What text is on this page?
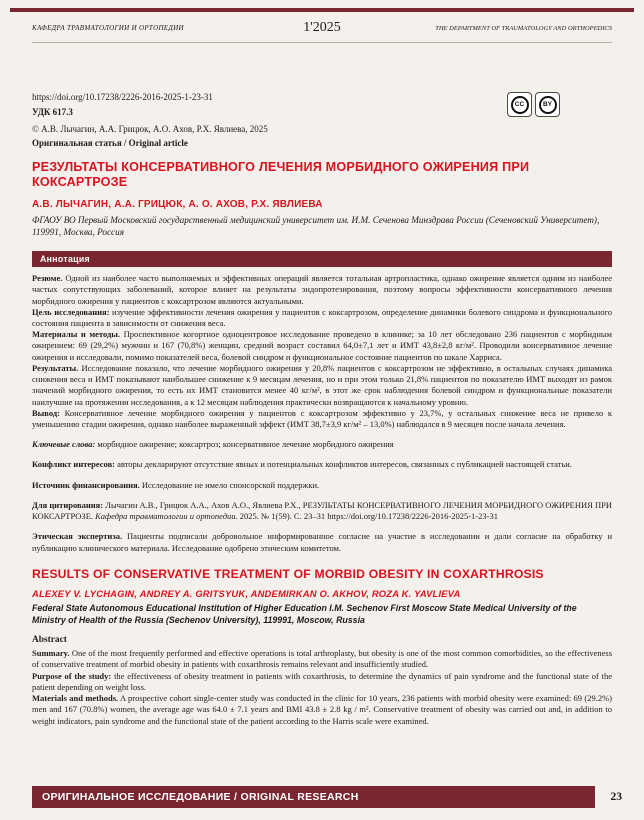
КАФЕДРА ТРАВМАТОЛОГИИ И ОРТОПЕДИИ	1'2025	THE DEPARTMENT OF TRAUMATOLOGY AND ORTHOPEDICS
https://doi.org/10.17238/2226-2016-2025-1-23-31
УДК 617.3
CC	BY
© А.В. Лычагин, А.А. Грицюк, А.О. Ахов, Р.Х. Явлиева, 2025
Оригинальная статья / Original article
РЕЗУЛЬТАТЫ КОНСЕРВАТИВНОГО ЛЕЧЕНИЯ МОРБИДНОГО ОЖИРЕНИЯ ПРИ КОКСАРТРОЗЕ
А.В. ЛЫЧАГИН, А.А. ГРИЦЮК, А. О. АХОВ, Р.Х. ЯВЛИЕВА
ФГАОУ ВО Первый Московский государственный медицинский университет им. И.М. Сеченова Минздрава России (Сеченовский Университет), 119991, Москва, Россия
Аннотация

Резюме. Одной из наиболее часто выполняемых и эффективных операций является тотальная артропластика, однако ожирение является одним из наиболее частых сопутствующих заболеваний, которое влияет на результаты эндопротезирования, поэтому вопросы эффективности консервативного лечения морбидного ожирения у пациентов с коксартрозом являются актуальными.

Цель исследования: изучение эффективности лечения ожирения у пациентов с коксартрозом, определение динамики болевого синдрома и функционального состояния пациента в зависимости от снижения веса.

Материалы и методы. Проспективное когортное одноцентровое исследование проведено в клинике; за 10 лет обследовано 236 пациентов с морбидным ожирением: 69 (29,2%) мужчин и 167 (70,8%) женщин, средний возраст составил 64,0±7,1 лет и ИМТ 43,8±2,8 кг/м². Проводили консервативное лечение ожирения и исследовали, помимо показателей веса, болевой синдром и функциональное состояние пациентов по шкале Харриса.

Результаты. Исследование показало, что лечение морбидного ожирения у 20,8% пациентов с коксартрозом не эффективно, в остальных случаях динамика снижения веса и ИМТ показывают наибольшее снижение к 9 месяцам лечения, но и при этом только 21,8% пациентов по показателю ИМТ выходят из рамок значений морбидного ожирения, то есть их ИМТ становится менее 40 кг/м², в этот же срок наблюдения болевой синдром и функциональные показатели наилучшие на протяжении исследования, а к 12 месяцам наблюдения практически возвращаются к начальному уровню.

Вывод: Консервативное лечение морбидного ожирения у пациентов с коксартрозом эффективно у 23,7%, у остальных снижение веса не привело к уменьшению стадии ожирения, однако наиболее выраженный эффект (ИМТ 38,7±3,9 кг/м² – 13,0%) наблюдался в 9 месяцев после начала лечения.

Ключевые слова: морбидное ожирение; коксартроз; консервативное лечение морбидного ожирения
Конфликт интересов: авторы декларируют отсутствие явных и потенциальных конфликтов интересов, связанных с публикацией настоящей статьи.
Источник финансирования. Исследование не имело спонсорской поддержки.
Для цитирования: Лычагин А.В., Грицюк А.А., Ахов А.О., Явлиева Р.Х., РЕЗУЛЬТАТЫ КОНСЕРВАТИВНОГО ЛЕЧЕНИЯ МОРБИДНОГО ОЖИРЕНИЯ ПРИ КОКСАРТРОЗЕ. Кафедра травматологии и ортопедии. 2025. № 1(59). С. 23–31 https://doi.org/10.17238/2226-2016-2025-1-23-31
Этическая экспертиза. Пациенты подписали добровольное информированное согласие на участие в исследовании и дали согласие на обработку и публикацию клинического материала. Исследование одобрено этическим комитетом.
RESULTS OF CONSERVATIVE TREATMENT OF MORBID OBESITY IN COXARTHROSIS
ALEXEY V. LYCHAGIN, ANDREY A. GRITSYUK, ANDEMIRKAN O. AKHOV, ROZA K. YAVLIEVA
Federal State Autonomous Educational Institution of Higher Education I.M. Sechenov First Moscow State Medical University of the Ministry of Health of the Russia (Sechenov University), 119991, Moscow, Russia
Abstract

Summary. One of the most frequently performed and effective operations is total arthroplasty, but obesity is one of the most common comorbidities, so the effectiveness of conservative treatment of morbid obesity in patients with coxarthrosis remains relevant and insufficiently studied.

Purpose of the study: the effectiveness of obesity treatment in patients with coxarthrosis, to determine the dynamics of pain syndrome and the functional state of the patient depending on weight loss.

Materials and methods. A prospective cohort single-center study was conducted in the clinic for 10 years, 236 patients with morbid obesity were examined: 69 (29.2%) men and 167 (70.8%) women, the average age was 64.0 ± 7.1 years and BMI 43.8 ± 2.8 kg / m². Conservative treatment of obesity was carried out and, in addition to weight indicators, pain syndrome and the functional state of the patient according to the Harris scale were examined.

ОРИГИНАЛЬНОЕ ИССЛЕДОВАНИЕ / ORIGINAL RESEARCH	23
